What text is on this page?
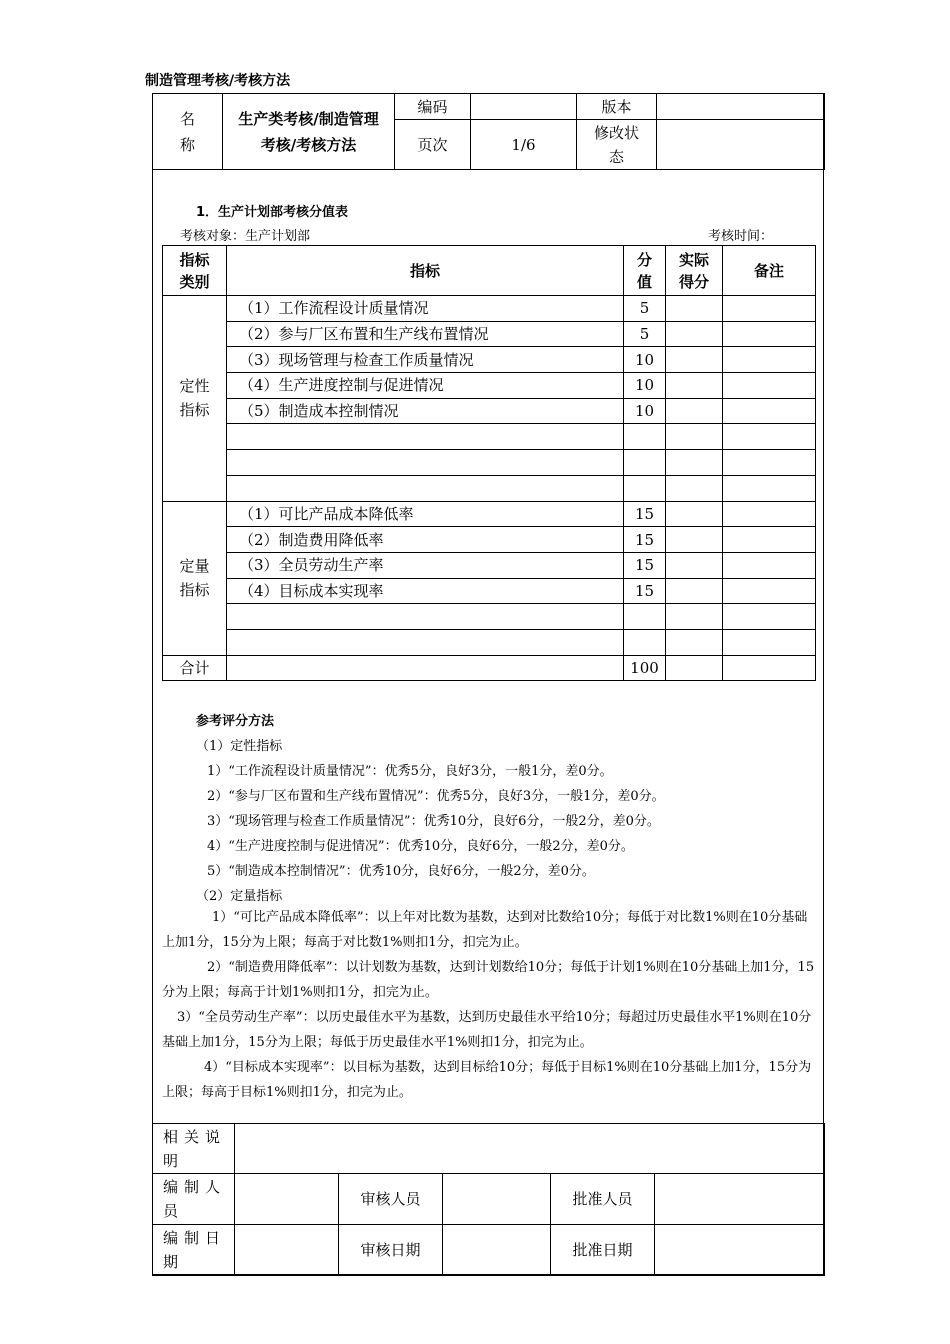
制造管理考核/考核方法
名称	生产类考核/制造管理考核/考核方法	编码		版本	
		页次	1/6	修改状态	

1．生产计划部考核分值表
考核对象：生产计划部	考核时间：
指标类别	指标	分值	实际得分	备注

定性指标	（1）工作流程设计质量情况	5		
	（2）参与厂区布置和生产线布置情况	5		
	（3）现场管理与检查工作质量情况	10		
	（4）生产进度控制与促进情况	10		
	（5）制造成本控制情况	10		

定量指标	（1）可比产品成本降低率	15		
	（2）制造费用降低率	15		
	（3）全员劳动生产率	15		
	（4）目标成本实现率	15		

合计		100		
参考评分方法
（1）定性指标
1）“工作流程设计质量情况”：优秀5分，良好3分，一般1分，差0分。
2）“参与厂区布置和生产线布置情况”：优秀5分，良好3分，一般1分，差0分。
3）“现场管理与检查工作质量情况”：优秀10分，良好6分，一般2分，差0分。
4）“生产进度控制与促进情况”：优秀10分，良好6分，一般2分，差0分。
5）“制造成本控制情况”：优秀10分，良好6分，一般2分，差0分。
（2）定量指标
1）“可比产品成本降低率”：以上年对比数为基数，达到对比数给10分；每低于对比数1%则在10分基础上加1分，15分为上限；每高于对比数1%则扣1分，扣完为止。
2）“制造费用降低率”：以计划数为基数，达到计划数给10分；每低于计划1%则在10分基础上加1分，15分为上限；每高于计划1%则扣1分，扣完为止。
3）“全员劳动生产率”：以历史最佳水平为基数，达到历史最佳水平给10分；每超过历史最佳水平1%则在10分基础上加1分，15分为上限；每低于历史最佳水平1%则扣1分，扣完为止。
4）“目标成本实现率”：以目标为基数，达到目标给10分；每低于目标1%则在10分基础上加1分，15分为上限；每高于目标1%则扣1分，扣完为止。
相关说明					
编制人员		审核人员		批准人员	
编制日期		审核日期		批准日期	
